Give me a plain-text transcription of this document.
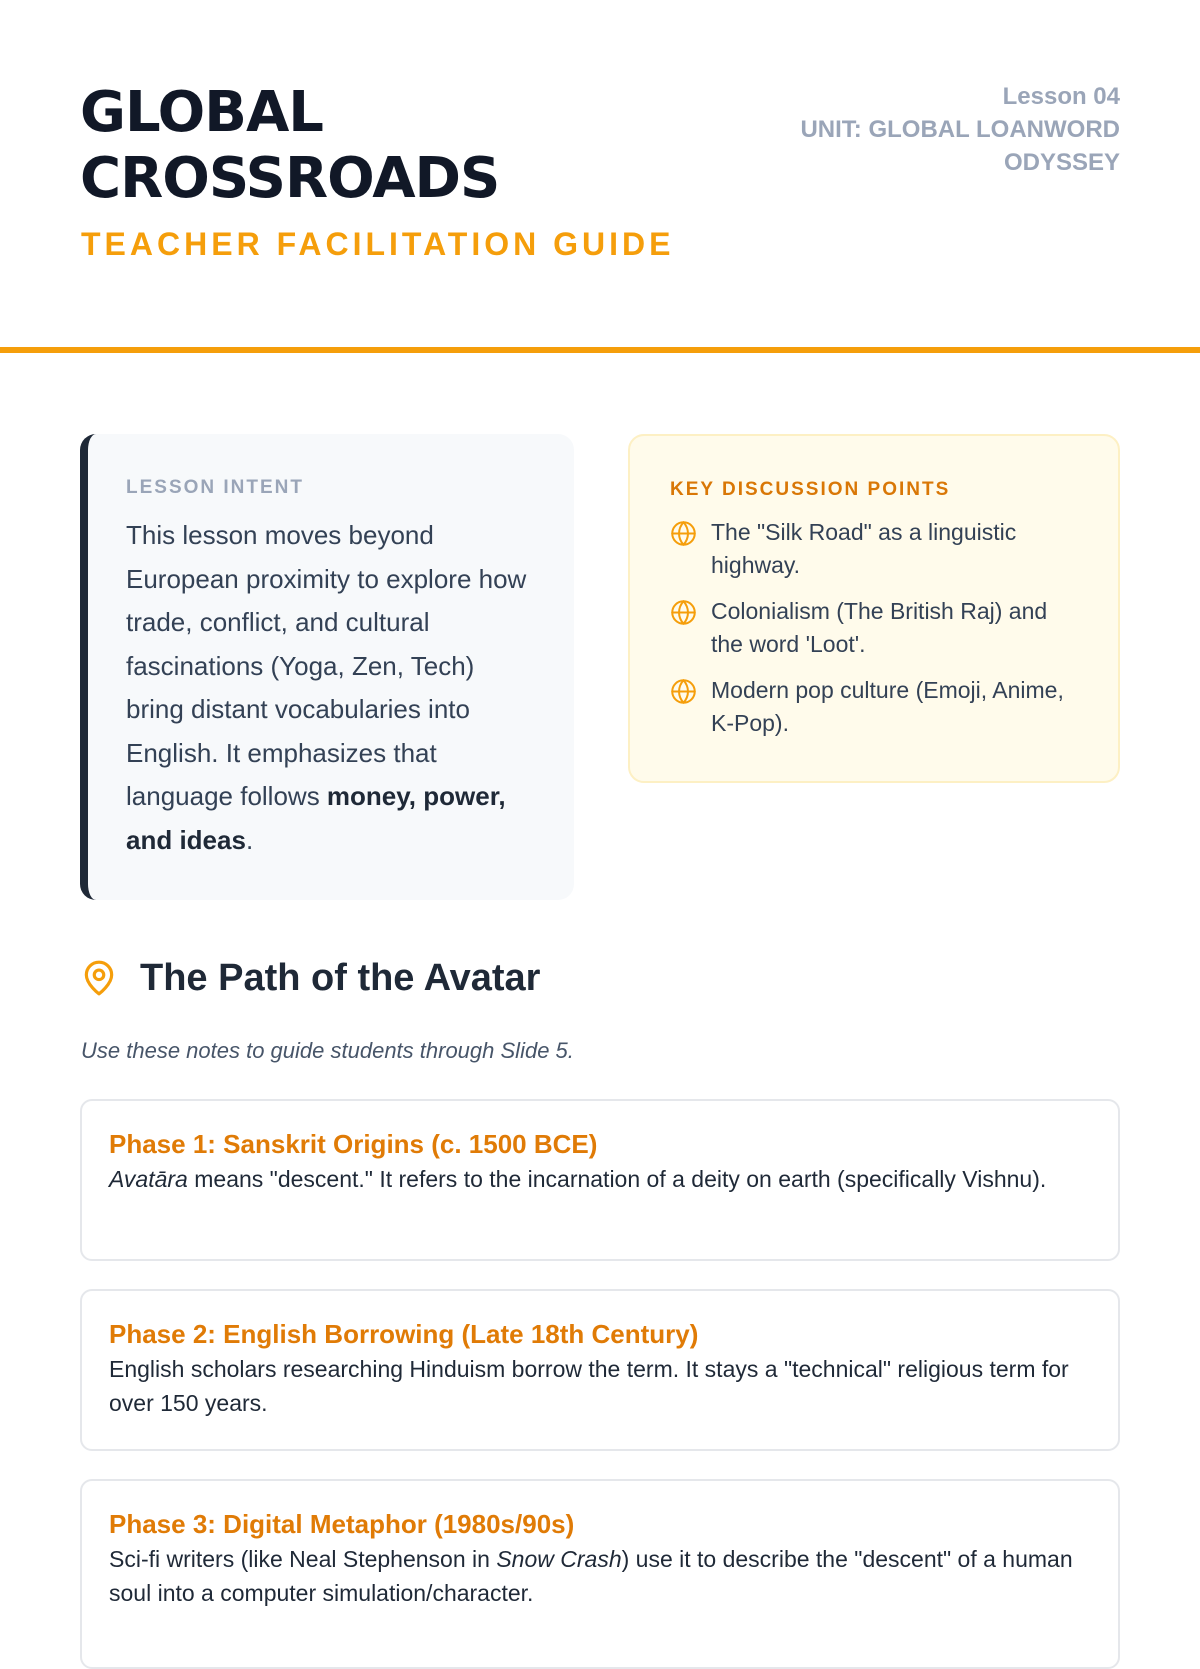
GLOBAL
CROSSROADS
TEACHER FACILITATION GUIDE
Lesson 04
UNIT: GLOBAL LOANWORD
ODYSSEY
LESSON INTENT

This lesson moves beyond European proximity to explore how trade, conflict, and cultural fascinations (Yoga, Zen, Tech) bring distant vocabularies into English. It emphasizes that language follows money, power, and ideas.

KEY DISCUSSION POINTS
The "Silk Road" as a linguistic highway.
Colonialism (The British Raj) and the word 'Loot'.
Modern pop culture (Emoji, Anime, K-Pop).
The Path of the Avatar

Use these notes to guide students through Slide 5.

Phase 1: Sanskrit Origins (c. 1500 BCE)

Avatāra means "descent." It refers to the incarnation of a deity on earth (specifically Vishnu).

Phase 2: English Borrowing (Late 18th Century)

English scholars researching Hinduism borrow the term. It stays a "technical" religious term for over 150 years.

Phase 3: Digital Metaphor (1980s/90s)

Sci-fi writers (like Neal Stephenson in Snow Crash) use it to describe the "descent" of a human soul into a computer simulation/character.
